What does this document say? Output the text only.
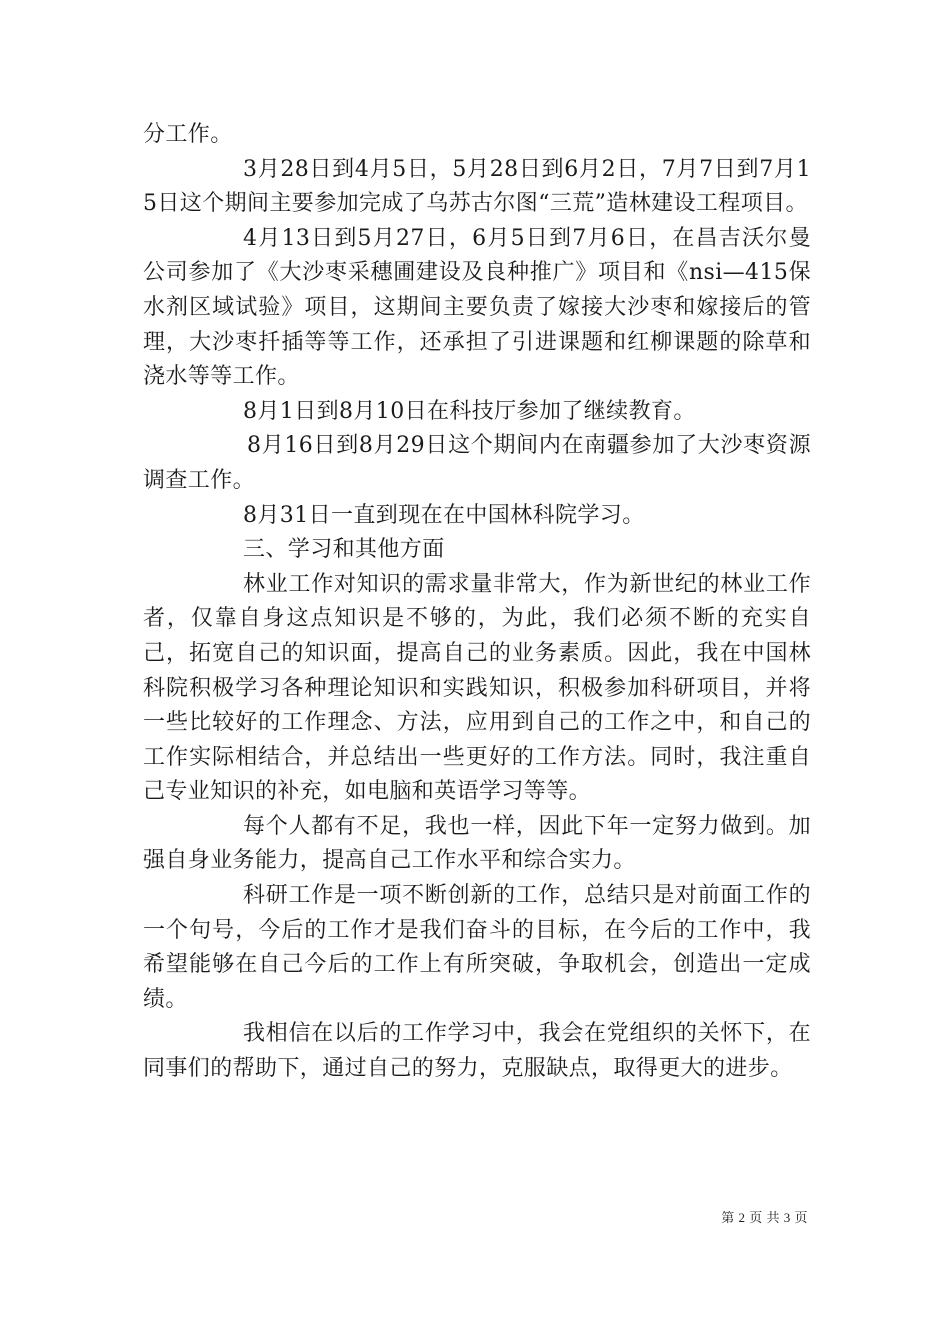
分工作。

3月28日到4月5日，5月28日到6月2日，7月7日到7月15日这个期间主要参加完成了乌苏古尔图“三荒”造林建设工程项目。

4月13日到5月27日，6月5日到7月6日，在昌吉沃尔曼公司参加了《大沙枣采穗圃建设及良种推广》项目和《nsi—415保水剂区域试验》项目，这期间主要负责了嫁接大沙枣和嫁接后的管理，大沙枣扦插等等工作，还承担了引进课题和红柳课题的除草和浇水等等工作。

8月1日到8月10日在科技厅参加了继续教育。

8月16日到8月29日这个期间内在南疆参加了大沙枣资源调查工作。

8月31日一直到现在在中国林科院学习。

三、学习和其他方面

林业工作对知识的需求量非常大，作为新世纪的林业工作者，仅靠自身这点知识是不够的，为此，我们必须不断的充实自己，拓宽自己的知识面，提高自己的业务素质。因此，我在中国林科院积极学习各种理论知识和实践知识，积极参加科研项目，并将一些比较好的工作理念、方法，应用到自己的工作之中，和自己的工作实际相结合，并总结出一些更好的工作方法。同时，我注重自己专业知识的补充，如电脑和英语学习等等。

每个人都有不足，我也一样，因此下年一定努力做到。加强自身业务能力，提高自己工作水平和综合实力。

科研工作是一项不断创新的工作，总结只是对前面工作的一个句号，今后的工作才是我们奋斗的目标，在今后的工作中，我希望能够在自己今后的工作上有所突破，争取机会，创造出一定成绩。

我相信在以后的工作学习中，我会在党组织的关怀下，在同事们的帮助下，通过自己的努力，克服缺点，取得更大的进步。

第 2 页 共 3 页
